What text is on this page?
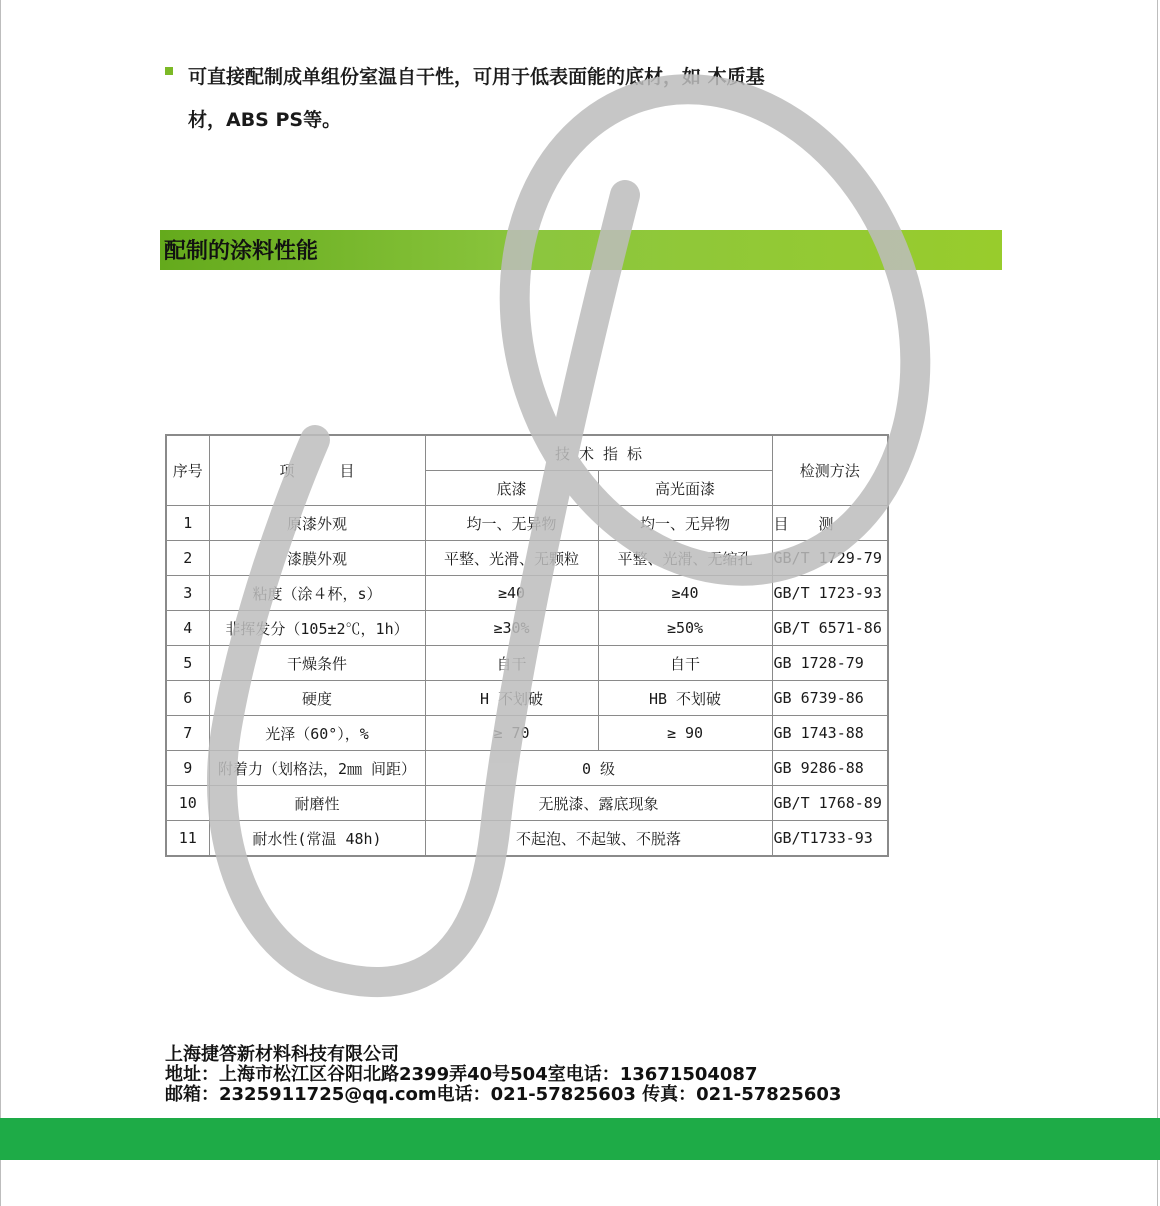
可直接配制成单组份室温自干性，可用于低表面能的底材，如 木质基
材，ABS PS等。
配制的涂料性能
序号	项　　　目	技 术 指 标		检测方法
		底漆	高光面漆	
1	原漆外观	均一、无异物	均一、无异物	目　　测
2	漆膜外观	平整、光滑、无颗粒	平整、光滑、无缩孔	GB/T 1729-79
3	粘度（涂４杯，s）	≥40	≥40	GB/T 1723-93
4	非挥发分（105±2℃，1h）	≥30%	≥50%	GB/T 6571-86
5	干燥条件	自干	自干	GB 1728-79
6	硬度	H 不划破	HB 不划破	GB 6739-86
7	光泽（60°），%	≥ 70	≥ 90	GB 1743-88
9	附着力（划格法，2㎜ 间距）	0 级		GB 9286-88
10	耐磨性	无脱漆、露底现象		GB/T 1768-89
11	耐水性(常温 48h)	不起泡、不起皱、不脱落		GB/T1733-93
上海捷答新材料科技有限公司
地址：上海市松江区谷阳北路2399弄40号504室电话：13671504087
邮箱：2325911725@qq.com电话：021-57825603 传真：021-57825603
